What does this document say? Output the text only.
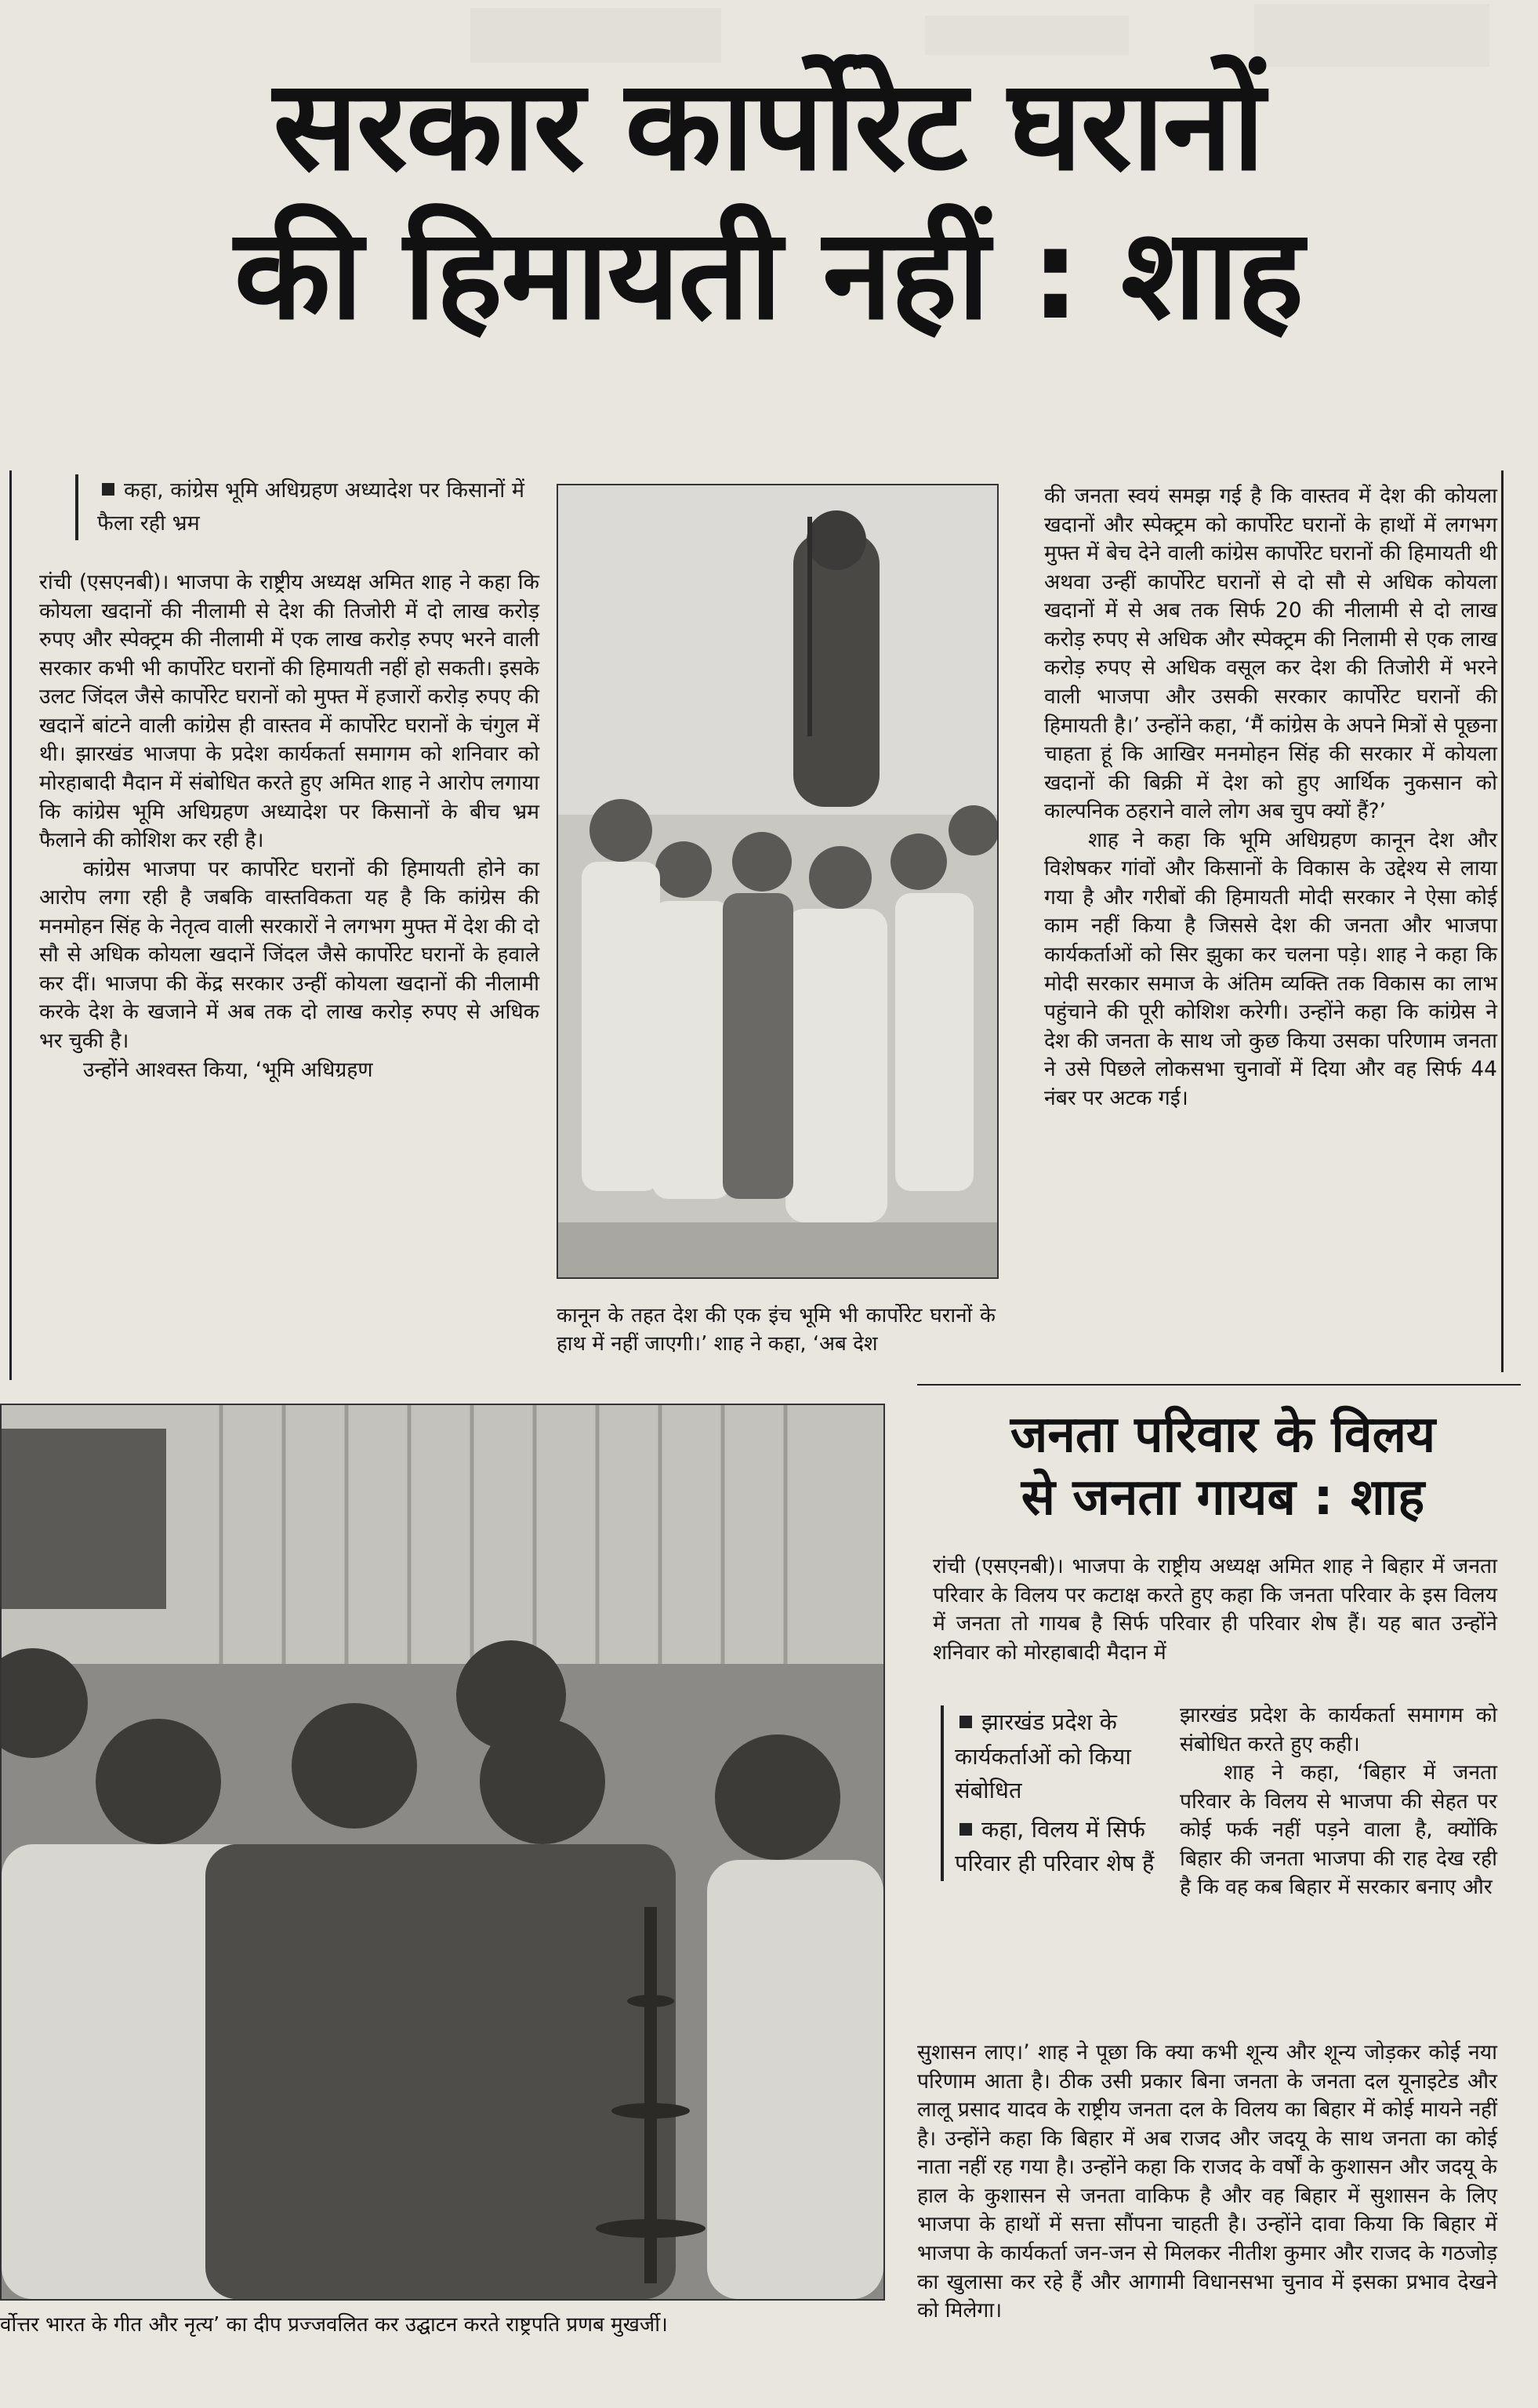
सरकार कार्पोरेट घरानों
की हिमायती नहीं : शाह
कहा, कांग्रेस भूमि अधिग्रहण अध्यादेश पर किसानों में फैला रही भ्रम

रांची (एसएनबी)। भाजपा के राष्ट्रीय अध्यक्ष अमित शाह ने कहा कि कोयला खदानों की नीलामी से देश की तिजोरी में दो लाख करोड़ रुपए और स्पेक्ट्रम की नीलामी में एक लाख करोड़ रुपए भरने वाली सरकार कभी भी कार्पोरेट घरानों की हिमायती नहीं हो सकती। इसके उलट जिंदल जैसे कार्पोरेट घरानों को मुफ्त में हजारों करोड़ रुपए की खदानें बांटने वाली कांग्रेस ही वास्तव में कार्पोरेट घरानों के चंगुल में थी। झारखंड भाजपा के प्रदेश कार्यकर्ता समागम को शनिवार को मोरहाबादी मैदान में संबोधित करते हुए अमित शाह ने आरोप लगाया कि कांग्रेस भूमि अधिग्रहण अध्यादेश पर किसानों के बीच भ्रम फैलाने की कोशिश कर रही है।

कांग्रेस भाजपा पर कार्पोरेट घरानों की हिमायती होने का आरोप लगा रही है जबकि वास्तविकता यह है कि कांग्रेस की मनमोहन सिंह के नेतृत्व वाली सरकारों ने लगभग मुफ्त में देश की दो सौ से अधिक कोयला खदानें जिंदल जैसे कार्पोरेट घरानों के हवाले कर दीं। भाजपा की केंद्र सरकार उन्हीं कोयला खदानों की नीलामी करके देश के खजाने में अब तक दो लाख करोड़ रुपए से अधिक भर चुकी है।

उन्होंने आश्वस्त किया, ‘भूमि अधिग्रहण

कानून के तहत देश की एक इंच भूमि भी कार्पोरेट घरानों के हाथ में नहीं जाएगी।’ शाह ने कहा, ‘अब देश

की जनता स्वयं समझ गई है कि वास्तव में देश की कोयला खदानों और स्पेक्ट्रम को कार्पोरेट घरानों के हाथों में लगभग मुफ्त में बेच देने वाली कांग्रेस कार्पोरेट घरानों की हिमायती थी अथवा उन्हीं कार्पोरेट घरानों से दो सौ से अधिक कोयला खदानों में से अब तक सिर्फ 20 की नीलामी से दो लाख करोड़ रुपए से अधिक और स्पेक्ट्रम की निलामी से एक लाख करोड़ रुपए से अधिक वसूल कर देश की तिजोरी में भरने वाली भाजपा और उसकी सरकार कार्पोरेट घरानों की हिमायती है।’ उन्होंने कहा, ‘मैं कांग्रेस के अपने मित्रों से पूछना चाहता हूं कि आखिर मनमोहन सिंह की सरकार में कोयला खदानों की बिक्री में देश को हुए आर्थिक नुकसान को काल्पनिक ठहराने वाले लोग अब चुप क्यों हैं?’

शाह ने कहा कि भूमि अधिग्रहण कानून देश और विशेषकर गांवों और किसानों के विकास के उद्देश्य से लाया गया है और गरीबों की हिमायती मोदी सरकार ने ऐसा कोई काम नहीं किया है जिससे देश की जनता और भाजपा कार्यकर्ताओं को सिर झुका कर चलना पड़े। शाह ने कहा कि मोदी सरकार समाज के अंतिम व्यक्ति तक विकास का लाभ पहुंचाने की पूरी कोशिश करेगी। उन्होंने कहा कि कांग्रेस ने देश की जनता के साथ जो कुछ किया उसका परिणाम जनता ने उसे पिछले लोकसभा चुनावों में दिया और वह सिर्फ 44 नंबर पर अटक गई।

र्वोत्तर भारत के गीत और नृत्य’ का दीप प्रज्जवलित कर उद्घाटन करते राष्ट्रपति प्रणब मुखर्जी।
जनता परिवार के विलय
से जनता गायब : शाह
रांची (एसएनबी)। भाजपा के राष्ट्रीय अध्यक्ष अमित शाह ने बिहार में जनता परिवार के विलय पर कटाक्ष करते हुए कहा कि जनता परिवार के इस विलय में जनता तो गायब है सिर्फ परिवार ही परिवार शेष हैं। यह बात उन्होंने शनिवार को मोरहाबादी मैदान में
झारखंड प्रदेश के कार्यकर्ताओं को किया संबोधित
कहा, विलय में सिर्फ परिवार ही परिवार शेष हैं

झारखंड प्रदेश के कार्यकर्ता समागम को संबोधित करते हुए कही।

शाह ने कहा, ‘बिहार में जनता परिवार के विलय से भाजपा की सेहत पर कोई फर्क नहीं पड़ने वाला है, क्योंकि बिहार की जनता भाजपा की राह देख रही है कि वह कब बिहार में सरकार बनाए और

सुशासन लाए।’ शाह ने पूछा कि क्या कभी शून्य और शून्य जोड़कर कोई नया परिणाम आता है। ठीक उसी प्रकार बिना जनता के जनता दल यूनाइटेड और लालू प्रसाद यादव के राष्ट्रीय जनता दल के विलय का बिहार में कोई मायने नहीं है। उन्होंने कहा कि बिहार में अब राजद और जदयू के साथ जनता का कोई नाता नहीं रह गया है। उन्होंने कहा कि राजद के वर्षों के कुशासन और जदयू के हाल के कुशासन से जनता वाकिफ है और वह बिहार में सुशासन के लिए भाजपा के हाथों में सत्ता सौंपना चाहती है। उन्होंने दावा किया कि बिहार में भाजपा के कार्यकर्ता जन-जन से मिलकर नीतीश कुमार और राजद के गठजोड़ का खुलासा कर रहे हैं और आगामी विधानसभा चुनाव में इसका प्रभाव देखने को मिलेगा।
